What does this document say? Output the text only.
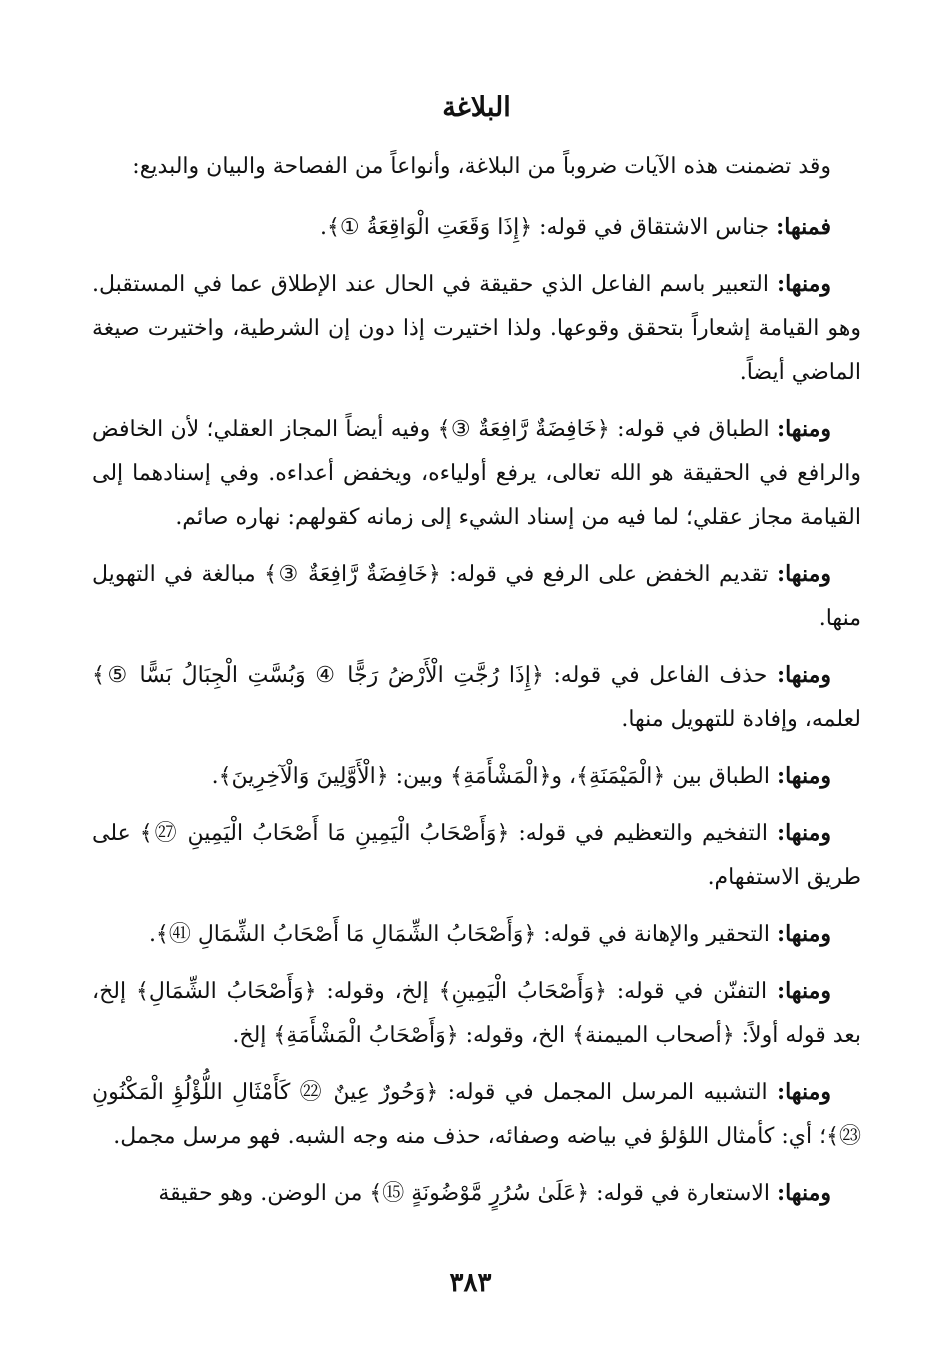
البلاغة

وقد تضمنت هذه الآيات ضروباً من البلاغة، وأنواعاً من الفصاحة والبيان والبديع:

فمنها: جناس الاشتقاق في قوله: ﴿إِذَا وَقَعَتِ الْوَاقِعَةُ ①﴾.

ومنها: التعبير باسم الفاعل الذي حقيقة في الحال عند الإطلاق عما في المستقبل. وهو القيامة إشعاراً بتحقق وقوعها. ولذا اختيرت إذا دون إن الشرطية، واختيرت صيغة الماضي أيضاً.

ومنها: الطباق في قوله: ﴿خَافِضَةٌ رَّافِعَةٌ ③﴾ وفيه أيضاً المجاز العقلي؛ لأن الخافض والرافع في الحقيقة هو الله تعالى، يرفع أولياءه، ويخفض أعداءه. وفي إسنادهما إلى القيامة مجاز عقلي؛ لما فيه من إسناد الشيء إلى زمانه كقولهم: نهاره صائم.

ومنها: تقديم الخفض على الرفع في قوله: ﴿خَافِضَةٌ رَّافِعَةٌ ③﴾ مبالغة في التهويل منها.

ومنها: حذف الفاعل في قوله: ﴿إِذَا رُجَّتِ الْأَرْضُ رَجًّا ④ وَبُسَّتِ الْجِبَالُ بَسًّا ⑤﴾ لعلمه، وإفادة للتهويل منها.

ومنها: الطباق بين ﴿الْمَيْمَنَةِ﴾، و﴿الْمَشْأَمَةِ﴾ وبين: ﴿الْأَوَّلِينَ وَالْآخِرِينَ﴾.

ومنها: التفخيم والتعظيم في قوله: ﴿وَأَصْحَابُ الْيَمِينِ مَا أَصْحَابُ الْيَمِينِ ㉗﴾ على طريق الاستفهام.

ومنها: التحقير والإهانة في قوله: ﴿وَأَصْحَابُ الشِّمَالِ مَا أَصْحَابُ الشِّمَالِ ㊶﴾.

ومنها: التفنّن في قوله: ﴿وَأَصْحَابُ الْيَمِينِ﴾ إلخ، وقوله: ﴿وَأَصْحَابُ الشِّمَالِ﴾ إلخ، بعد قوله أولاً: ﴿أصحاب الميمنة﴾ الخ، وقوله: ﴿وَأَصْحَابُ الْمَشْأَمَةِ﴾ إلخ.

ومنها: التشبيه المرسل المجمل في قوله: ﴿وَحُورٌ عِينٌ ㉒ كَأَمْثَالِ اللُّؤْلُؤِ الْمَكْنُونِ ㉓﴾؛ أي: كأمثال اللؤلؤ في بياضه وصفائه، حذف منه وجه الشبه. فهو مرسل مجمل.

ومنها: الاستعارة في قوله: ﴿عَلَىٰ سُرُرٍ مَّوْضُونَةٍ ⑮﴾ من الوضن. وهو حقيقة

٣٨٣
